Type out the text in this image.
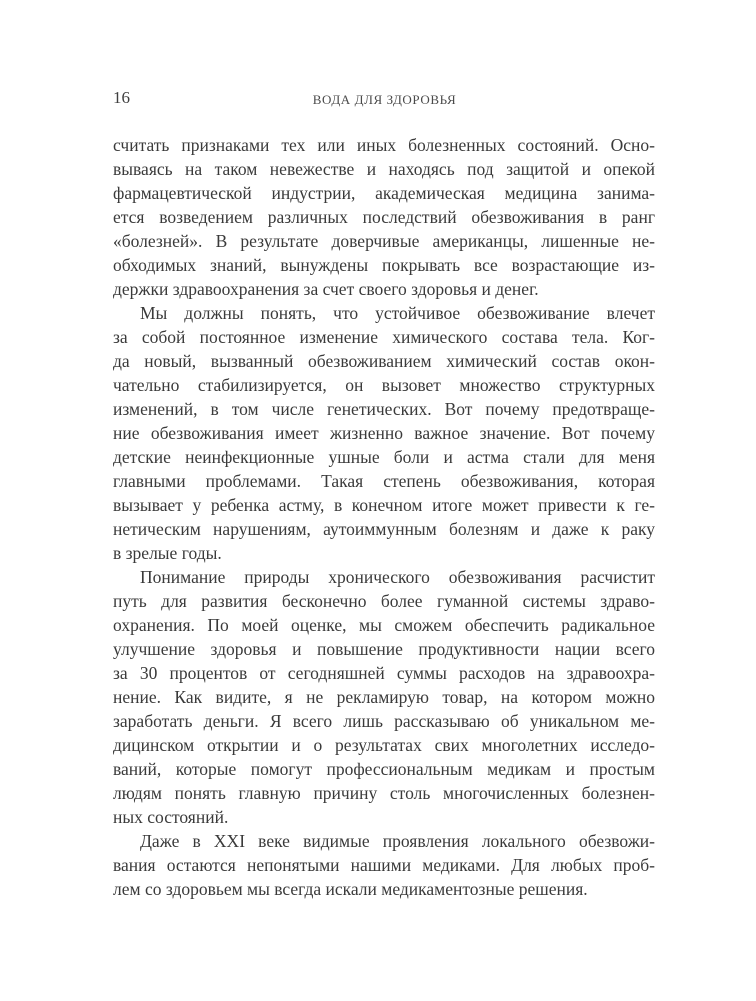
16	ВОДА ДЛЯ ЗДОРОВЬЯ

считать признаками тех или иных болезненных состояний. Осно-
вываясь на таком невежестве и находясь под защитой и опекой
фармацевтической индустрии, академическая медицина занима-
ется возведением различных последствий обезвоживания в ранг
«болезней». В результате доверчивые американцы, лишенные не-
обходимых знаний, вынуждены покрывать все возрастающие из-
держки здравоохранения за счет своего здоровья и денег.

Мы должны понять, что устойчивое обезвоживание влечет
за собой постоянное изменение химического состава тела. Ког-
да новый, вызванный обезвоживанием химический состав окон-
чательно стабилизируется, он вызовет множество структурных
изменений, в том числе генетических. Вот почему предотвраще-
ние обезвоживания имеет жизненно важное значение. Вот почему
детские неинфекционные ушные боли и астма стали для меня
главными проблемами. Такая степень обезвоживания, которая
вызывает у ребенка астму, в конечном итоге может привести к ге-
нетическим нарушениям, аутоиммунным болезням и даже к раку
в зрелые годы.

Понимание природы хронического обезвоживания расчистит
путь для развития бесконечно более гуманной системы здраво-
охранения. По моей оценке, мы сможем обеспечить радикальное
улучшение здоровья и повышение продуктивности нации всего
за 30 процентов от сегодняшней суммы расходов на здравоохра-
нение. Как видите, я не рекламирую товар, на котором можно
заработать деньги. Я всего лишь рассказываю об уникальном ме-
дицинском открытии и о результатах свих многолетних исследо-
ваний, которые помогут профессиональным медикам и простым
людям понять главную причину столь многочисленных болезнен-
ных состояний.

Даже в XXI веке видимые проявления локального обезвожи-
вания остаются непонятыми нашими медиками. Для любых проб-
лем со здоровьем мы всегда искали медикаментозные решения.
